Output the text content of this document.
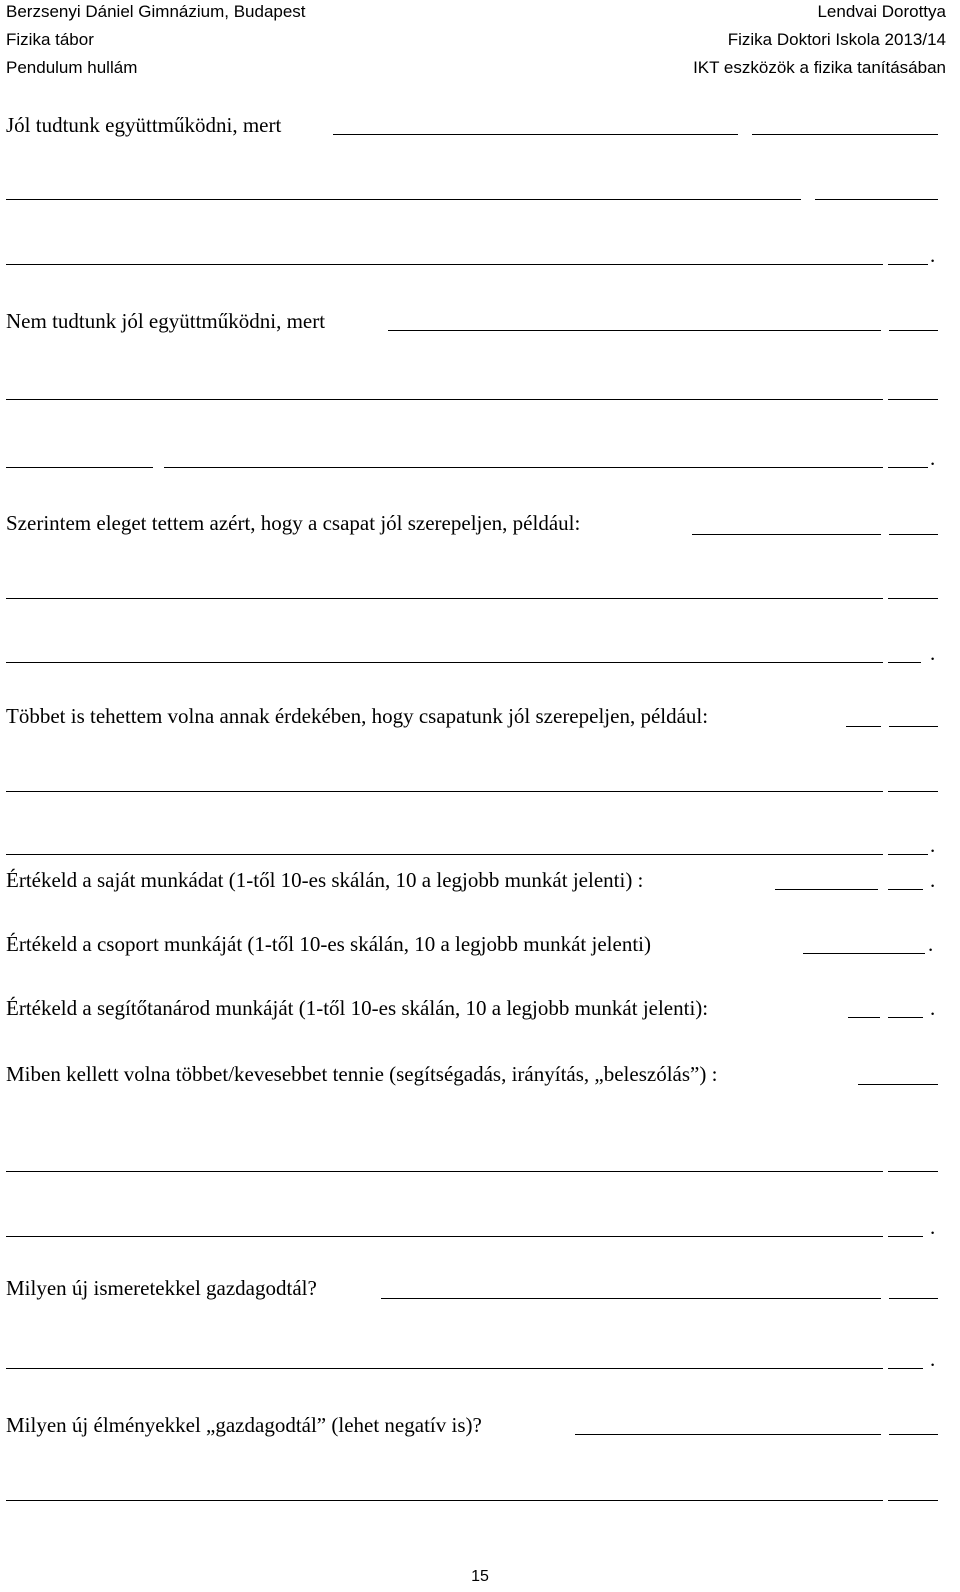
Berzsenyi Dániel Gimnázium, Budapest
Fizika tábor
Pendulum hullám
Lendvai Dorottya
Fizika Doktori Iskola 2013/14
IKT eszközök a fizika tanításában
Jól tudtunk együttműködni, mert
.
Nem tudtunk jól együttműködni, mert
.
Szerintem eleget tettem azért, hogy a csapat jól szerepeljen, például:
.
Többet is tehettem volna annak érdekében, hogy csapatunk jól szerepeljen, például:
.
Értékeld a saját munkádat (1-től 10-es skálán, 10 a legjobb munkát jelenti) :	.
Értékeld a csoport munkáját (1-től 10-es skálán, 10 a legjobb munkát jelenti)	.
Értékeld a segítőtanárod munkáját (1-től 10-es skálán, 10 a legjobb munkát jelenti):	.
Miben kellett volna többet/kevesebbet tennie (segítségadás, irányítás, „beleszólás”) :
.
Milyen új ismeretekkel gazdagodtál?
.
Milyen új élményekkel „gazdagodtál” (lehet negatív is)?
15
